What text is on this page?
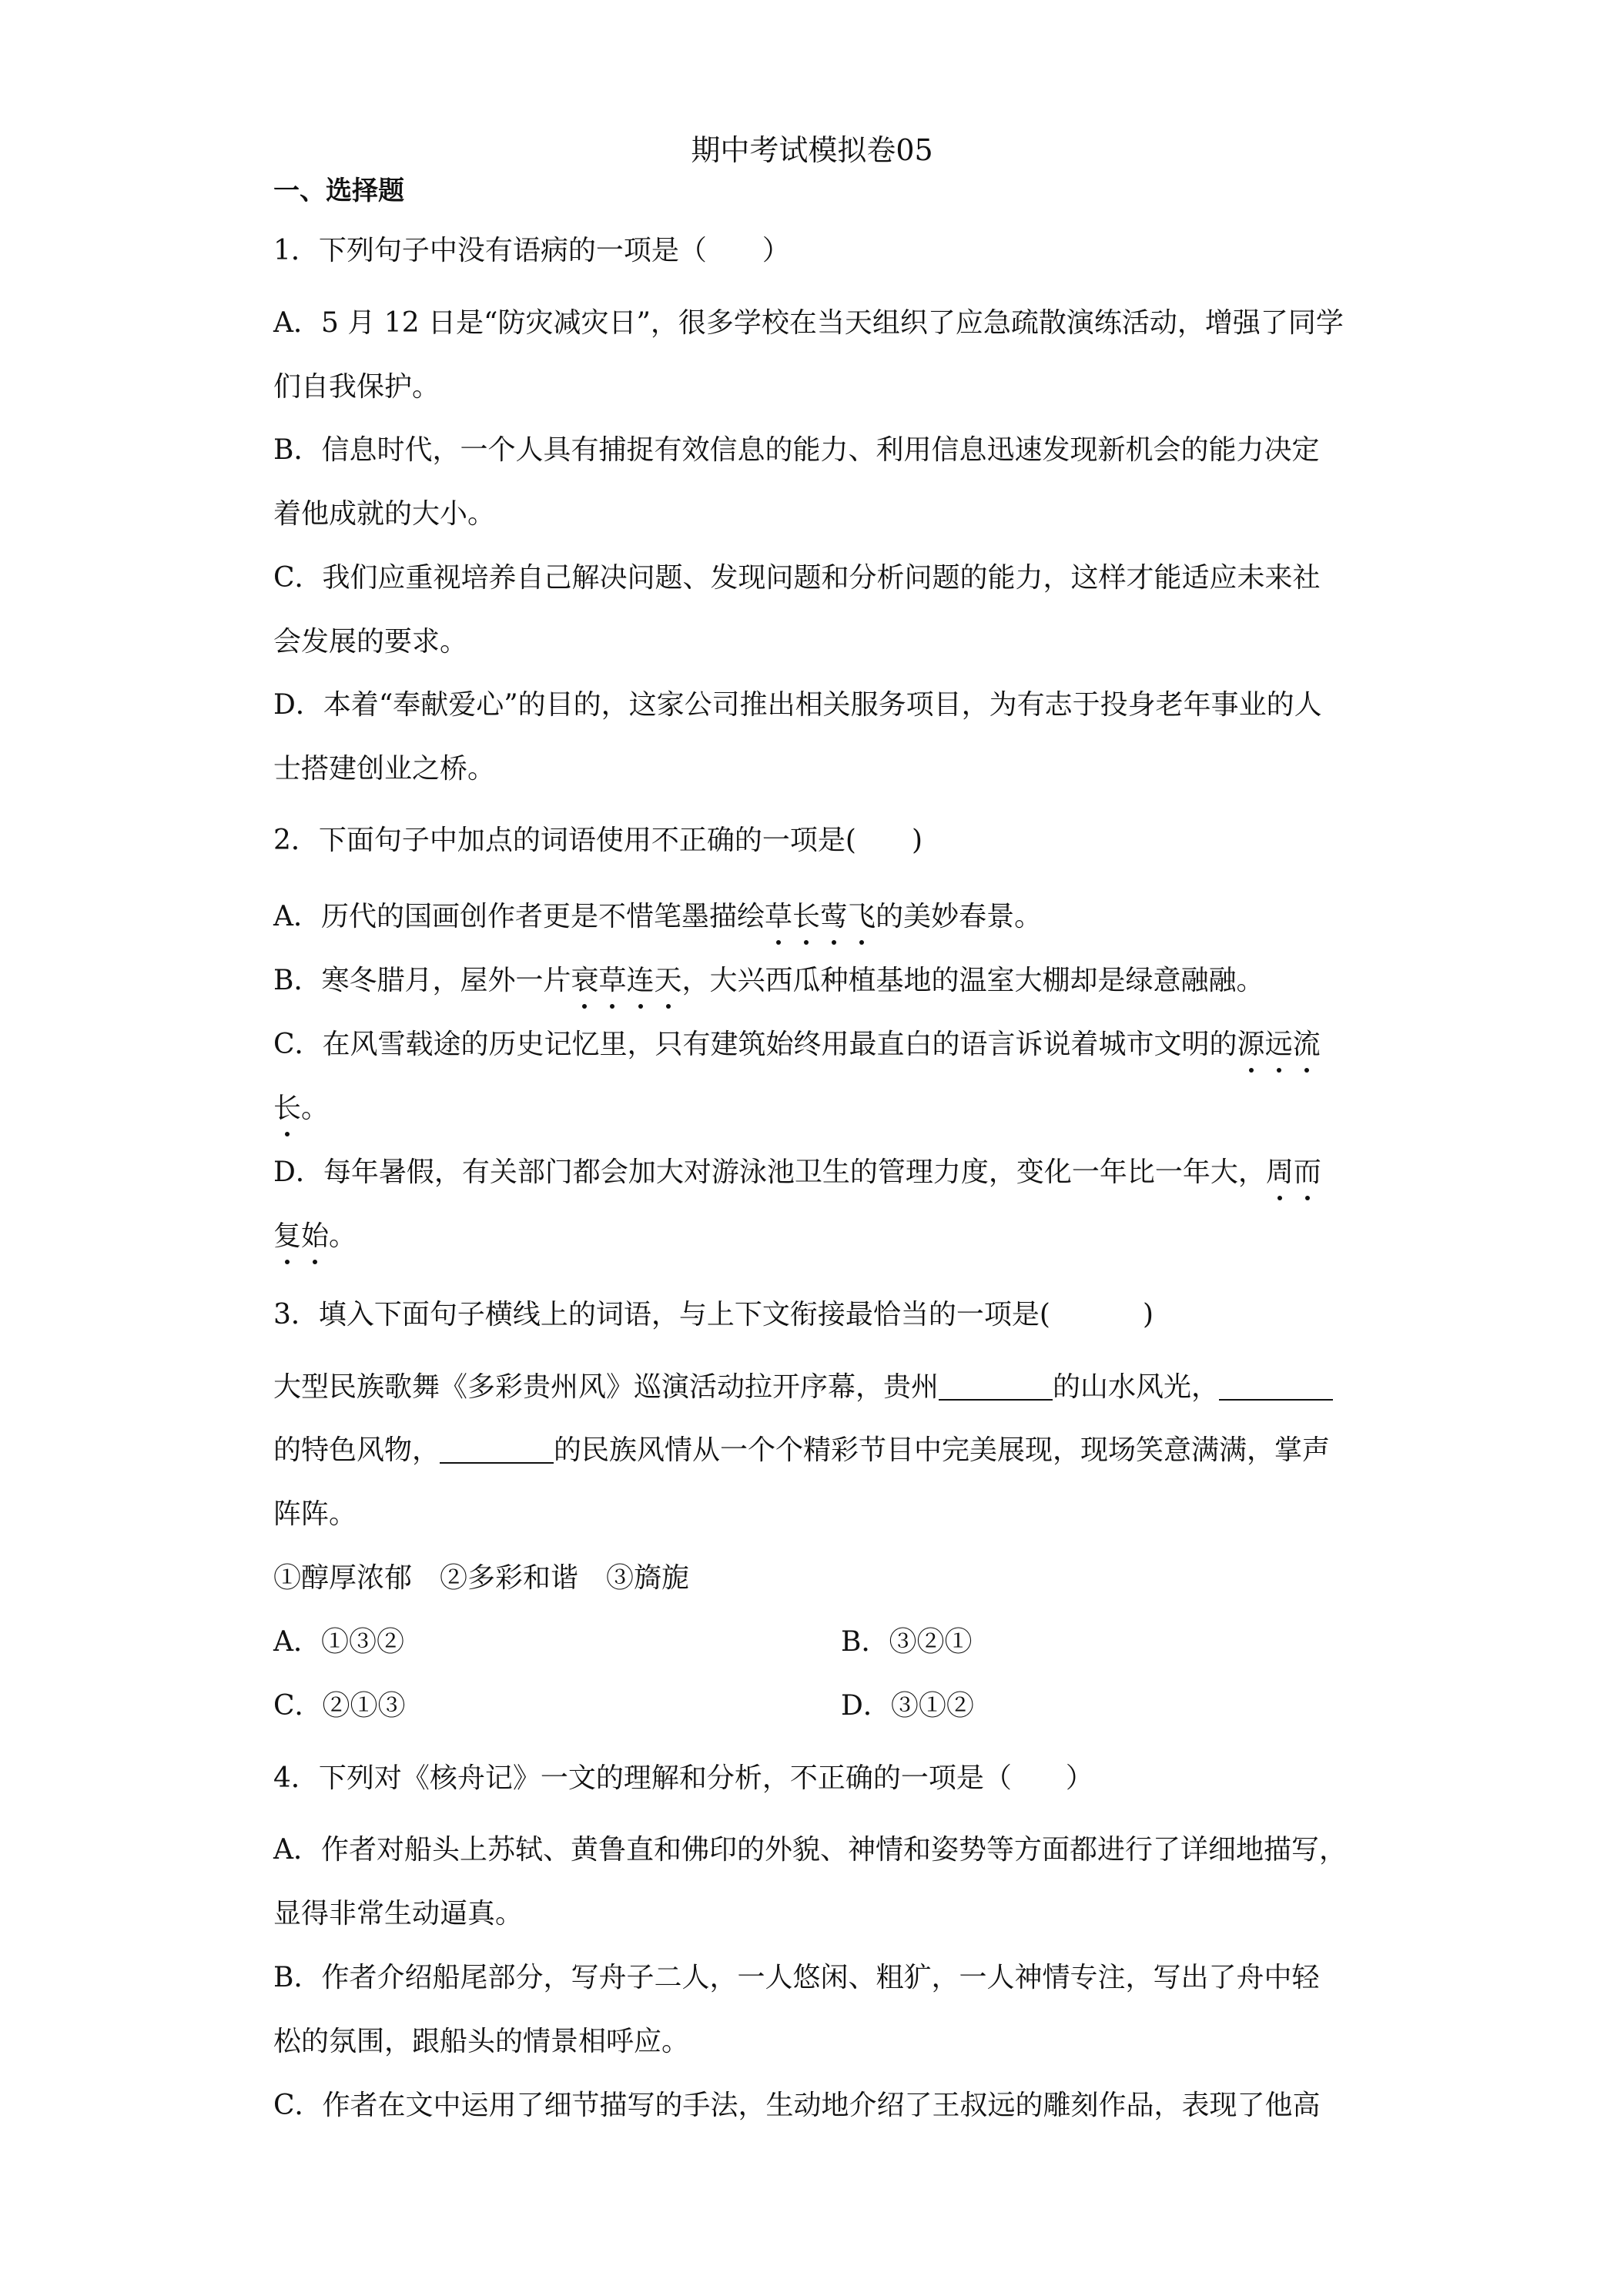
期中考试模拟卷05
一、选择题
1．下列句子中没有语病的一项是（　　）
A．5 月 12 日是“防灾减灾日”，很多学校在当天组织了应急疏散演练活动，增强了同学
们自我保护。
B．信息时代，一个人具有捕捉有效信息的能力、利用信息迅速发现新机会的能力决定
着他成就的大小。
C．我们应重视培养自己解决问题、发现问题和分析问题的能力，这样才能适应未来社
会发展的要求。
D．本着“奉献爱心”的目的，这家公司推出相关服务项目，为有志于投身老年事业的人
士搭建创业之桥。
2．下面句子中加点的词语使用不正确的一项是(　　)
A．历代的国画创作者更是不惜笔墨描绘草长莺飞的美妙春景。
B．寒冬腊月，屋外一片衰草连天，大兴西瓜种植基地的温室大棚却是绿意融融。
C．在风雪载途的历史记忆里，只有建筑始终用最直白的语言诉说着城市文明的源远流
长。
D．每年暑假，有关部门都会加大对游泳池卫生的管理力度，变化一年比一年大，周而
复始。
3．填入下面句子横线上的词语，与上下文衔接最恰当的一项是(	)
大型民族歌舞《多彩贵州风》巡演活动拉开序幕，贵州	的山水风光，
的特色风物，	的民族风情从一个个精彩节目中完美展现，现场笑意满满，掌声
阵阵。
①醇厚浓郁　②多彩和谐　③旖旎
A．①③②	B．③②①
C．②①③	D．③①②
4．下列对《核舟记》一文的理解和分析，不正确的一项是（ ）
A．作者对船头上苏轼、黄鲁直和佛印的外貌、神情和姿势等方面都进行了详细地描写，
显得非常生动逼真。
B．作者介绍船尾部分，写舟子二人，一人悠闲、粗犷，一人神情专注，写出了舟中轻
松的氛围，跟船头的情景相呼应。
C．作者在文中运用了细节描写的手法，生动地介绍了王叔远的雕刻作品，表现了他高
